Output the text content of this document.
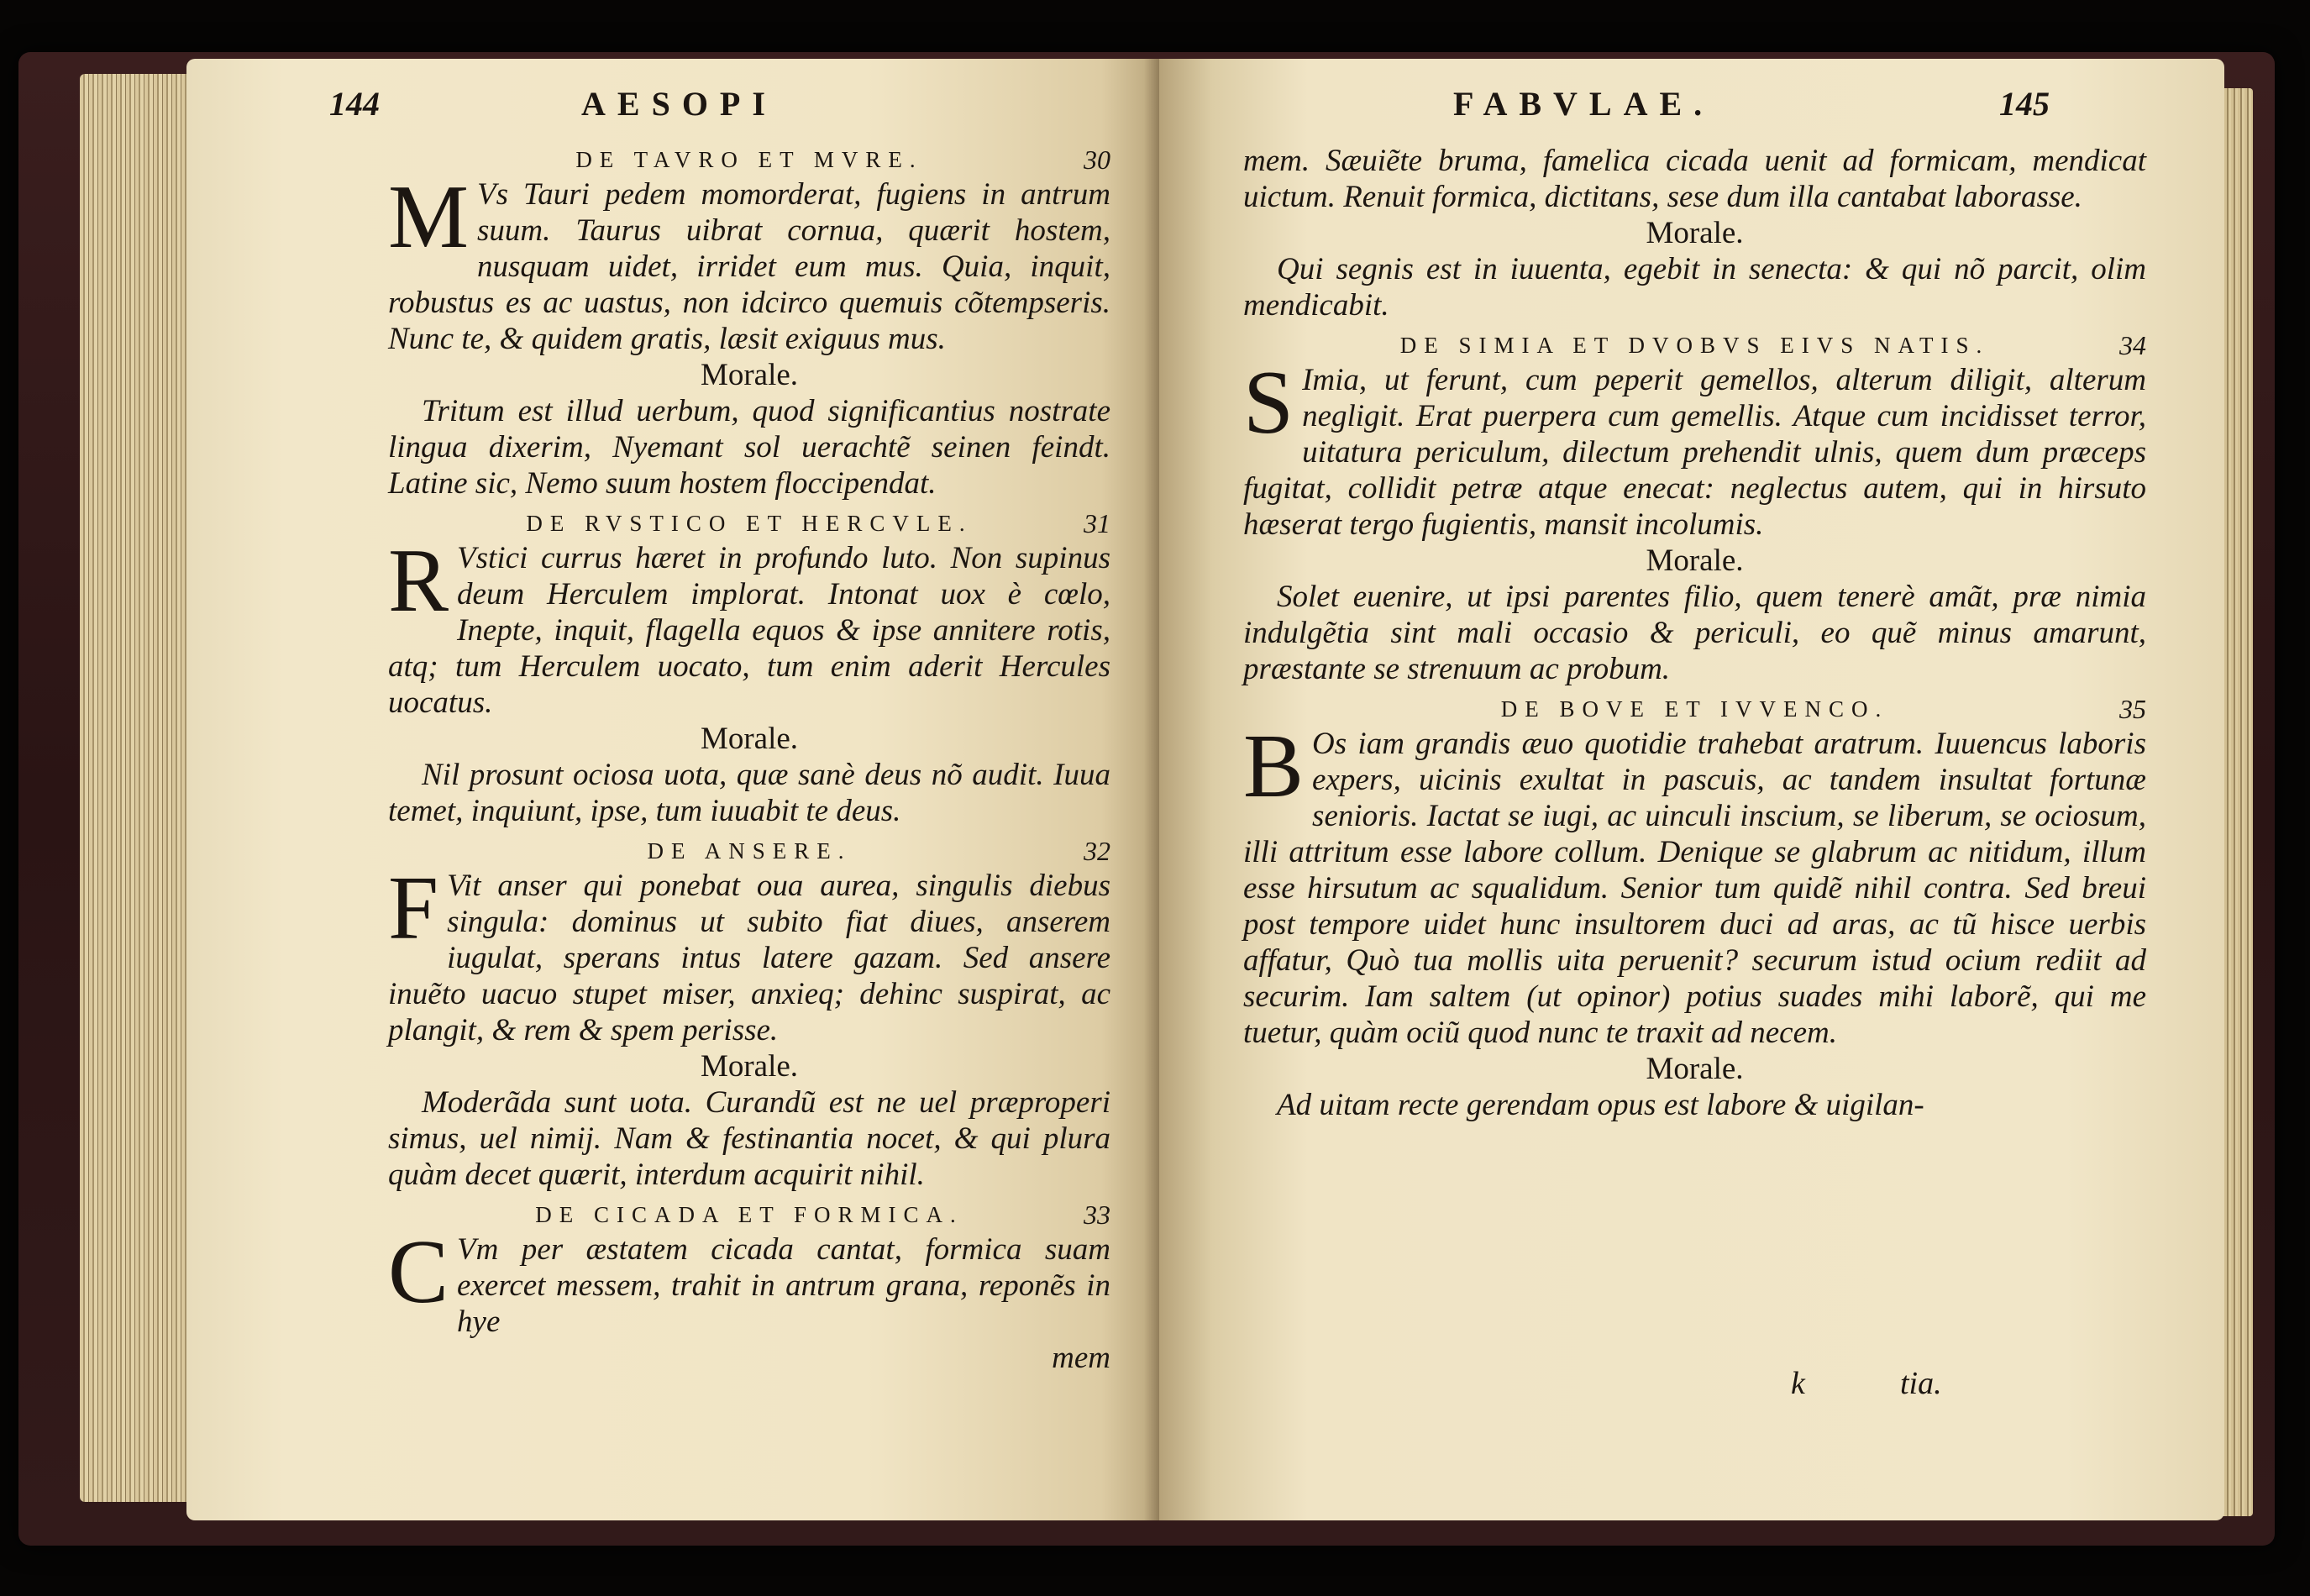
144	AESOPI
DE TAVRO ET MVRE.	30

M Vs Tauri pedem momorderat, fugiens in antrum suum. Taurus uibrat cornua, quærit hostem, nusquam uidet, irridet eum mus. Quia, inquit, robustus es ac uastus, non idcirco quemuis cõtempseris. Nunc te, & quidem gratis, læsit exiguus mus.

Morale.

Tritum est illud uerbum, quod significantius nostrate lingua dixerim, Nyemant sol uerachtẽ seinen feindt. Latine sic, Nemo suum hostem floccipendat.

DE RVSTICO ET HERCVLE.	31

R Vstici currus hæret in profundo luto. Non supinus deum Herculem implorat. Intonat uox è cœlo, Inepte, inquit, flagella equos & ipse annitere rotis, atq; tum Herculem uocato, tum enim aderit Hercules uocatus.

Morale.

Nil prosunt ociosa uota, quæ sanè deus nõ audit. Iuua temet, inquiunt, ipse, tum iuuabit te deus.

DE ANSERE.	32

F Vit anser qui ponebat oua aurea, singulis diebus singula: dominus ut subito fiat diues, anserem iugulat, sperans intus latere gazam. Sed ansere inuẽto uacuo stupet miser, anxieq; dehinc suspirat, ac plangit, & rem & spem perisse.

Morale.

Moderãda sunt uota. Curandũ est ne uel præproperi simus, uel nimij. Nam & festinantia nocet, & qui plura quàm decet quærit, interdum acquirit nihil.

DE CICADA ET FORMICA.	33

C Vm per æstatem cicada cantat, formica suam exercet messem, trahit in antrum grana, reponẽs in hye

mem

FABVLAE.	145

mem. Sæuiẽte bruma, famelica cicada uenit ad formicam, mendicat uictum. Renuit formica, dictitans, sese dum illa cantabat laborasse.

Morale.

Qui segnis est in iuuenta, egebit in senecta: & qui nõ parcit, olim mendicabit.

DE SIMIA ET DVOBVS EIVS NATIS.	34

S Imia, ut ferunt, cum peperit gemellos, alterum diligit, alterum negligit. Erat puerpera cum gemellis. Atque cum incidisset terror, uitatura periculum, dilectum prehendit ulnis, quem dum præceps fugitat, collidit petræ atque enecat: neglectus autem, qui in hirsuto hæserat tergo fugientis, mansit incolumis.

Morale.

Solet euenire, ut ipsi parentes filio, quem tenerè amãt, præ nimia indulgẽtia sint mali occasio & periculi, eo quẽ minus amarunt, præstante se strenuum ac probum.

DE BOVE ET IVVENCO.	35

B Os iam grandis æuo quotidie trahebat aratrum. Iuuencus laboris expers, uicinis exultat in pascuis, ac tandem insultat fortunæ senioris. Iactat se iugi, ac uinculi inscium, se liberum, se ociosum, illi attritum esse labore collum. Denique se glabrum ac nitidum, illum esse hirsutum ac squalidum. Senior tum quidẽ nihil contra. Sed breui post tempore uidet hunc insultorem duci ad aras, ac tũ hisce uerbis affatur, Quò tua mollis uita peruenit? securum istud ocium rediit ad securim. Iam saltem (ut opinor) potius suades mihi laborẽ, qui me tuetur, quàm ociũ quod nunc te traxit ad necem.

Morale.

Ad uitam recte gerendam opus est labore & uigilan-

k	tia.
